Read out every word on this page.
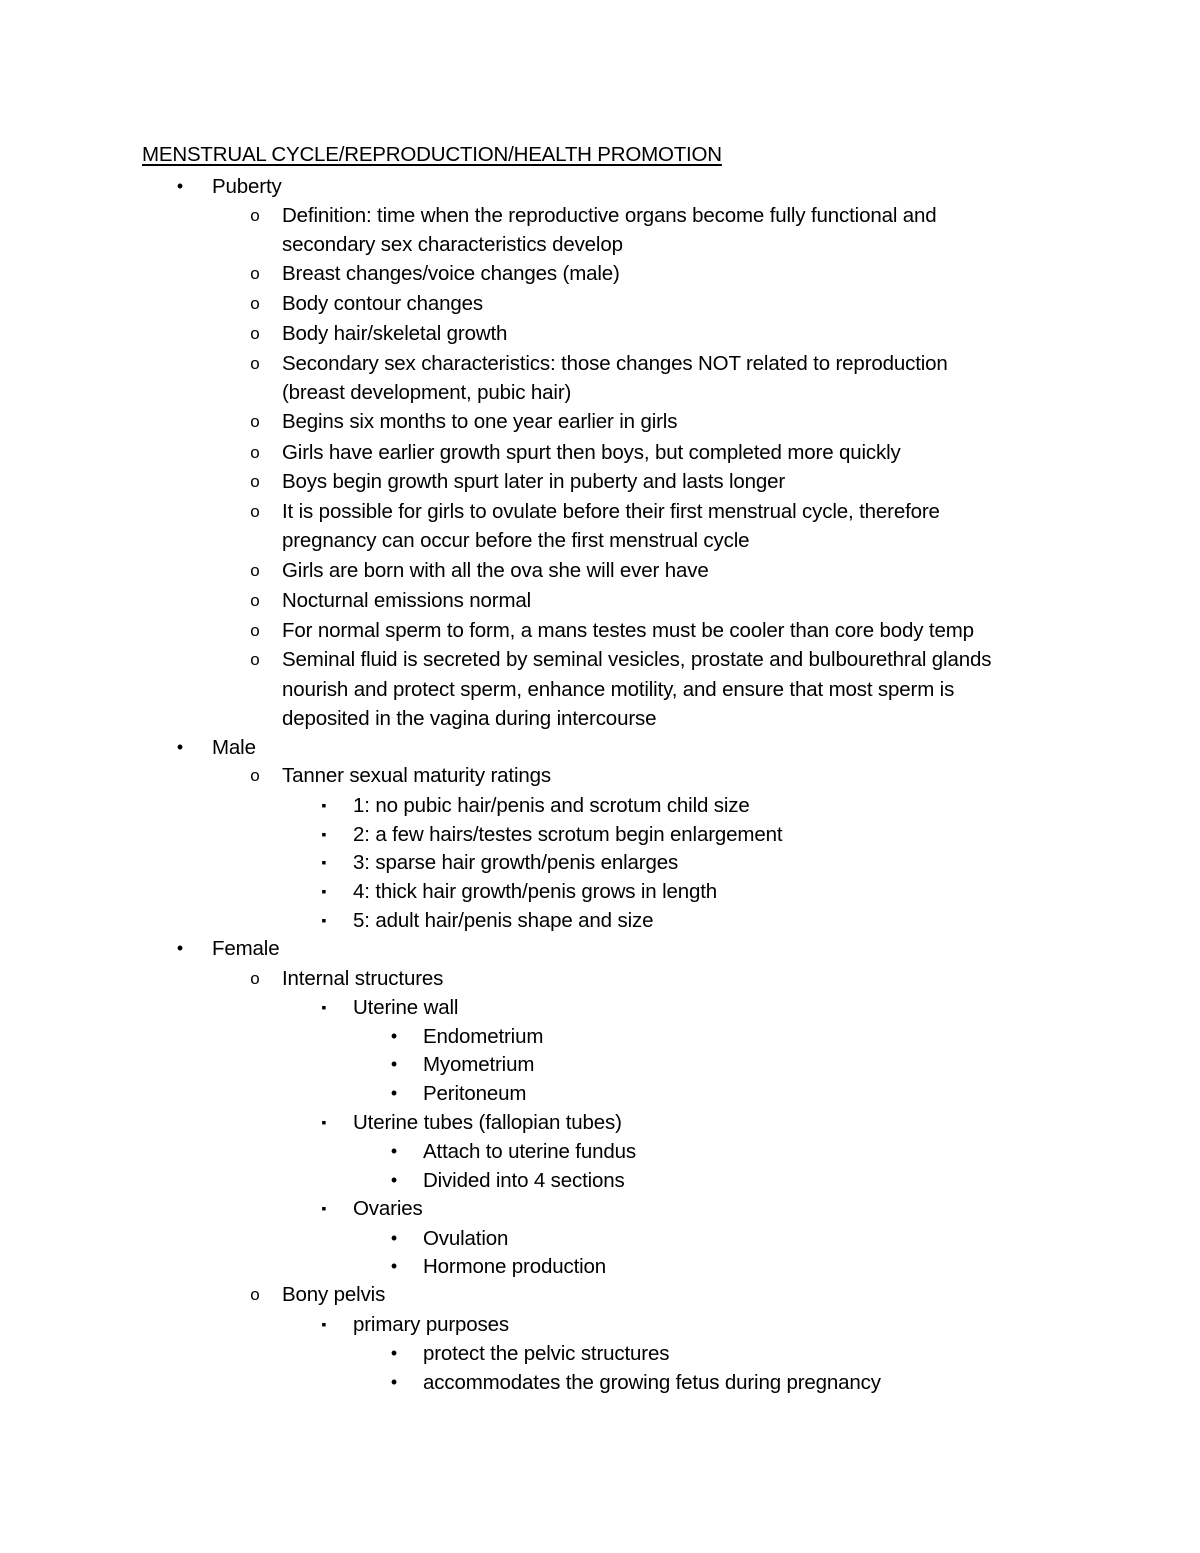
MENSTRUAL CYCLE/REPRODUCTION/HEALTH PROMOTION
•	Puberty
o Definition: time when the reproductive organs become fully functional and
secondary sex characteristics develop
o Breast changes/voice changes (male)
o Body contour changes
o Body hair/skeletal growth
o Secondary sex characteristics: those changes NOT related to reproduction
(breast development, pubic hair)
o Begins six months to one year earlier in girls
o Girls have earlier growth spurt then boys, but completed more quickly
o Boys begin growth spurt later in puberty and lasts longer
o It is possible for girls to ovulate before their first menstrual cycle, therefore
pregnancy can occur before the first menstrual cycle
o Girls are born with all the ova she will ever have
o Nocturnal emissions normal
o For normal sperm to form, a mans testes must be cooler than core body temp
o Seminal fluid is secreted by seminal vesicles, prostate and bulbourethral glands
nourish and protect sperm, enhance motility, and ensure that most sperm is
deposited in the vagina during intercourse
•	Male
o Tanner sexual maturity ratings
▪	1: no pubic hair/penis and scrotum child size
▪	2: a few hairs/testes scrotum begin enlargement
▪	3: sparse hair growth/penis enlarges
▪	4: thick hair growth/penis grows in length
▪	5: adult hair/penis shape and size
•	Female
o Internal structures
▪	Uterine wall
•	Endometrium
•	Myometrium
•	Peritoneum
▪	Uterine tubes (fallopian tubes)
•	Attach to uterine fundus
•	Divided into 4 sections
▪	Ovaries
•	Ovulation
•	Hormone production
o Bony pelvis
▪	primary purposes
•	protect the pelvic structures
•	accommodates the growing fetus during pregnancy
